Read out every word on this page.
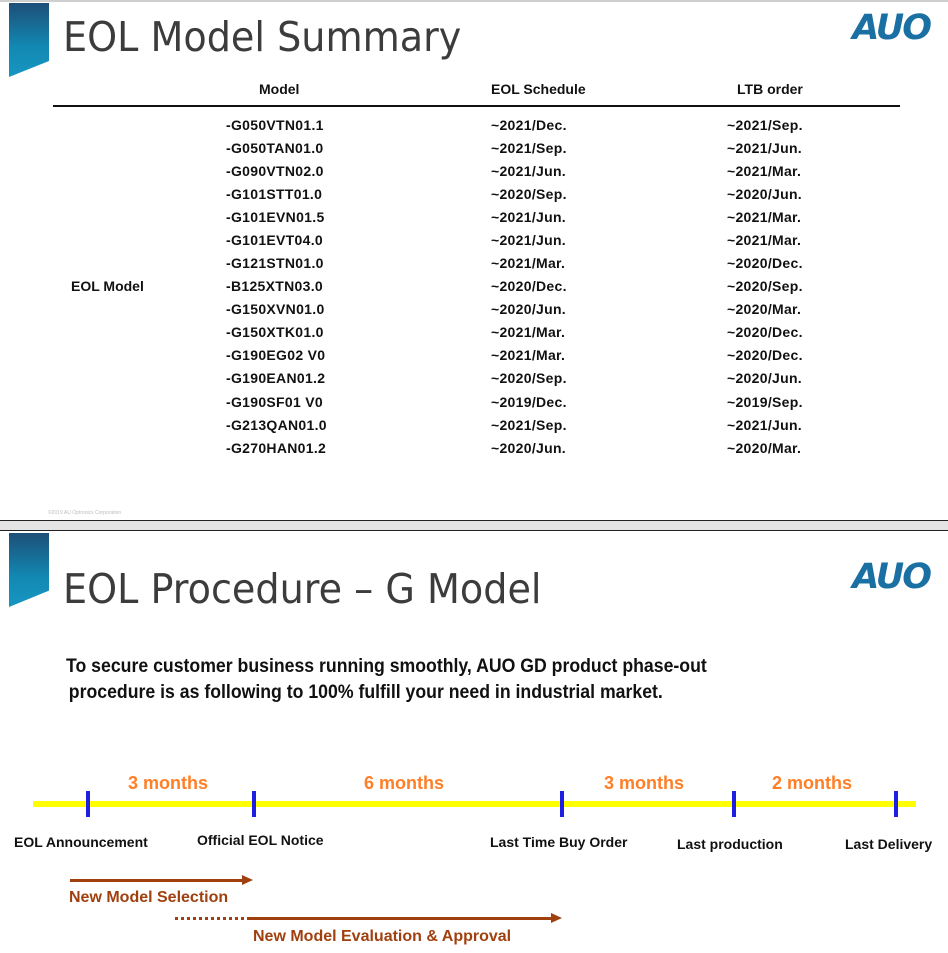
EOL Model Summary	AUO
Model	EOL Schedule	LTB order
EOL Model
-G050VTN01.1	~2021/Dec.	~2021/Sep.
-G050TAN01.0	~2021/Sep.	~2021/Jun.
-G090VTN02.0	~2021/Jun.	~2021/Mar.
-G101STT01.0	~2020/Sep.	~2020/Jun.
-G101EVN01.5	~2021/Jun.	~2021/Mar.
-G101EVT04.0	~2021/Jun.	~2021/Mar.
-G121STN01.0	~2021/Mar.	~2020/Dec.
-B125XTN03.0	~2020/Dec.	~2020/Sep.
-G150XVN01.0	~2020/Jun.	~2020/Mar.
-G150XTK01.0	~2021/Mar.	~2020/Dec.
-G190EG02 V0	~2021/Mar.	~2020/Dec.
-G190EAN01.2	~2020/Sep.	~2020/Jun.
-G190SF01 V0	~2019/Dec.	~2019/Sep.
-G213QAN01.0	~2021/Sep.	~2021/Jun.
-G270HAN01.2	~2020/Jun.	~2020/Mar.
©2019 AU Optronics Corporation
EOL Procedure – G Model	AUO
To secure customer business running smoothly, AUO GD product phase-out
procedure is as following to 100% fulfill your need in industrial market.
3 months	6 months	3 months	2 months
EOL Announcement	Official EOL Notice	Last Time Buy Order	Last production	Last Delivery
New Model Selection
New Model Evaluation & Approval
